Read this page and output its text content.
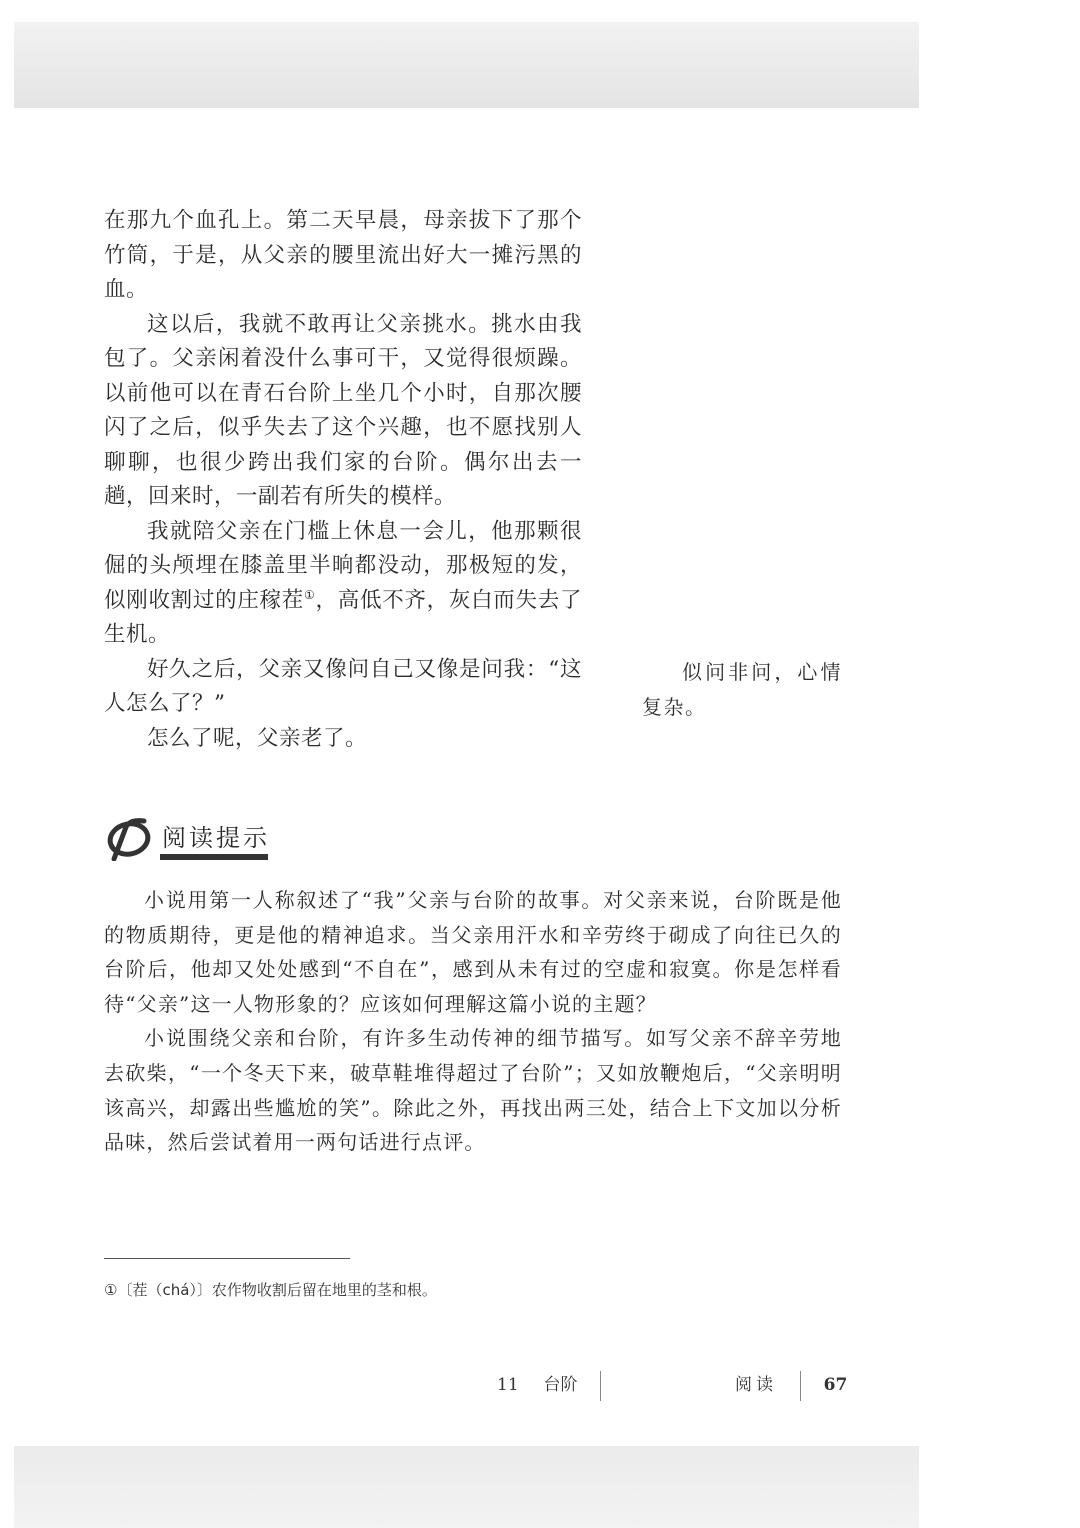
在那九个血孔上。第二天早晨，母亲拔下了那个竹筒，于是，从父亲的腰里流出好大一摊污黑的血。

这以后，我就不敢再让父亲挑水。挑水由我包了。父亲闲着没什么事可干，又觉得很烦躁。以前他可以在青石台阶上坐几个小时，自那次腰闪了之后，似乎失去了这个兴趣，也不愿找别人聊聊，也很少跨出我们家的台阶。偶尔出去一趟，回来时，一副若有所失的模样。

我就陪父亲在门槛上休息一会儿，他那颗很倔的头颅埋在膝盖里半晌都没动，那极短的发，似刚收割过的庄稼茬①，高低不齐，灰白而失去了生机。

好久之后，父亲又像问自己又像是问我：“这人怎么了？”

怎么了呢，父亲老了。

似问非问，心情复杂。
阅读提示

小说用第一人称叙述了“我”父亲与台阶的故事。对父亲来说，台阶既是他的物质期待，更是他的精神追求。当父亲用汗水和辛劳终于砌成了向往已久的台阶后，他却又处处感到“不自在”，感到从未有过的空虚和寂寞。你是怎样看待“父亲”这一人物形象的？应该如何理解这篇小说的主题？

小说围绕父亲和台阶，有许多生动传神的细节描写。如写父亲不辞辛劳地去砍柴，“一个冬天下来，破草鞋堆得超过了台阶”；又如放鞭炮后，“父亲明明该高兴，却露出些尴尬的笑”。除此之外，再找出两三处，结合上下文加以分析品味，然后尝试着用一两句话进行点评。

①〔茬（chá）〕农作物收割后留在地里的茎和根。
11 台阶	阅读	67
